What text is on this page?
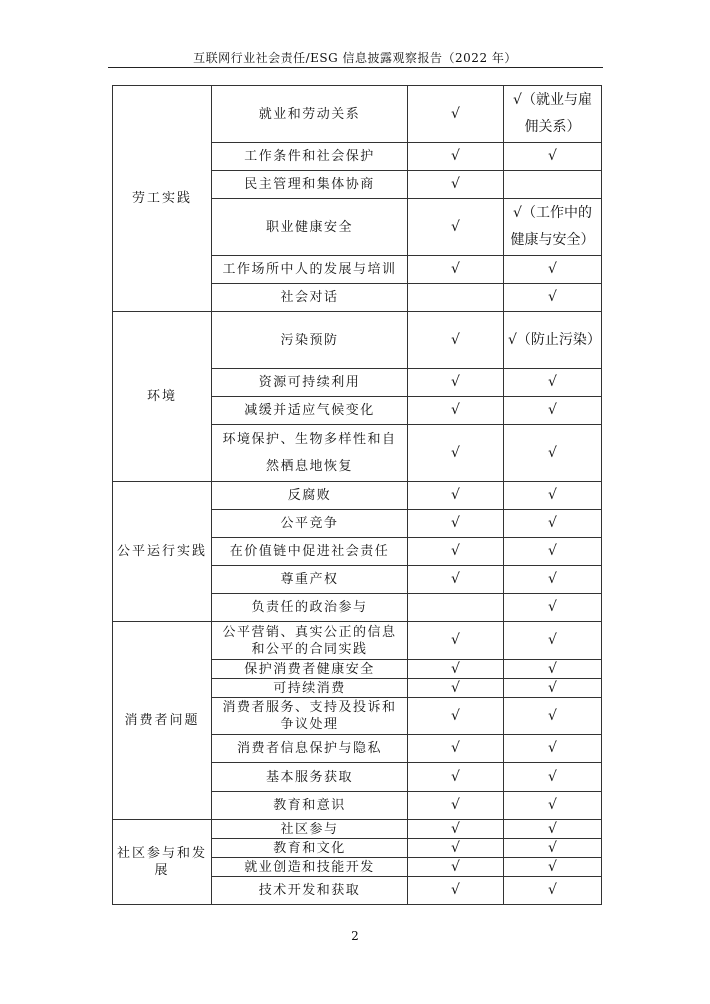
互联网行业社会责任/ESG 信息披露观察报告（2022 年）
劳工实践	就业和劳动关系	√	√（就业与雇佣关系）
	工作条件和社会保护	√	√
	民主管理和集体协商	√	
	职业健康安全	√	√（工作中的健康与安全）
	工作场所中人的发展与培训	√	√
	社会对话		√
环境	污染预防	√	√（防止污染）
	资源可持续利用	√	√
	减缓并适应气候变化	√	√
	环境保护、生物多样性和自然栖息地恢复	√	√
公平运行实践	反腐败	√	√
	公平竞争	√	√
	在价值链中促进社会责任	√	√
	尊重产权	√	√
	负责任的政治参与		√
消费者问题	公平营销、真实公正的信息和公平的合同实践	√	√
	保护消费者健康安全	√	√
	可持续消费	√	√
	消费者服务、支持及投诉和争议处理	√	√
	消费者信息保护与隐私	√	√
	基本服务获取	√	√
	教育和意识	√	√
社区参与和发展	社区参与	√	√
	教育和文化	√	√
	就业创造和技能开发	√	√
	技术开发和获取	√	√
2
